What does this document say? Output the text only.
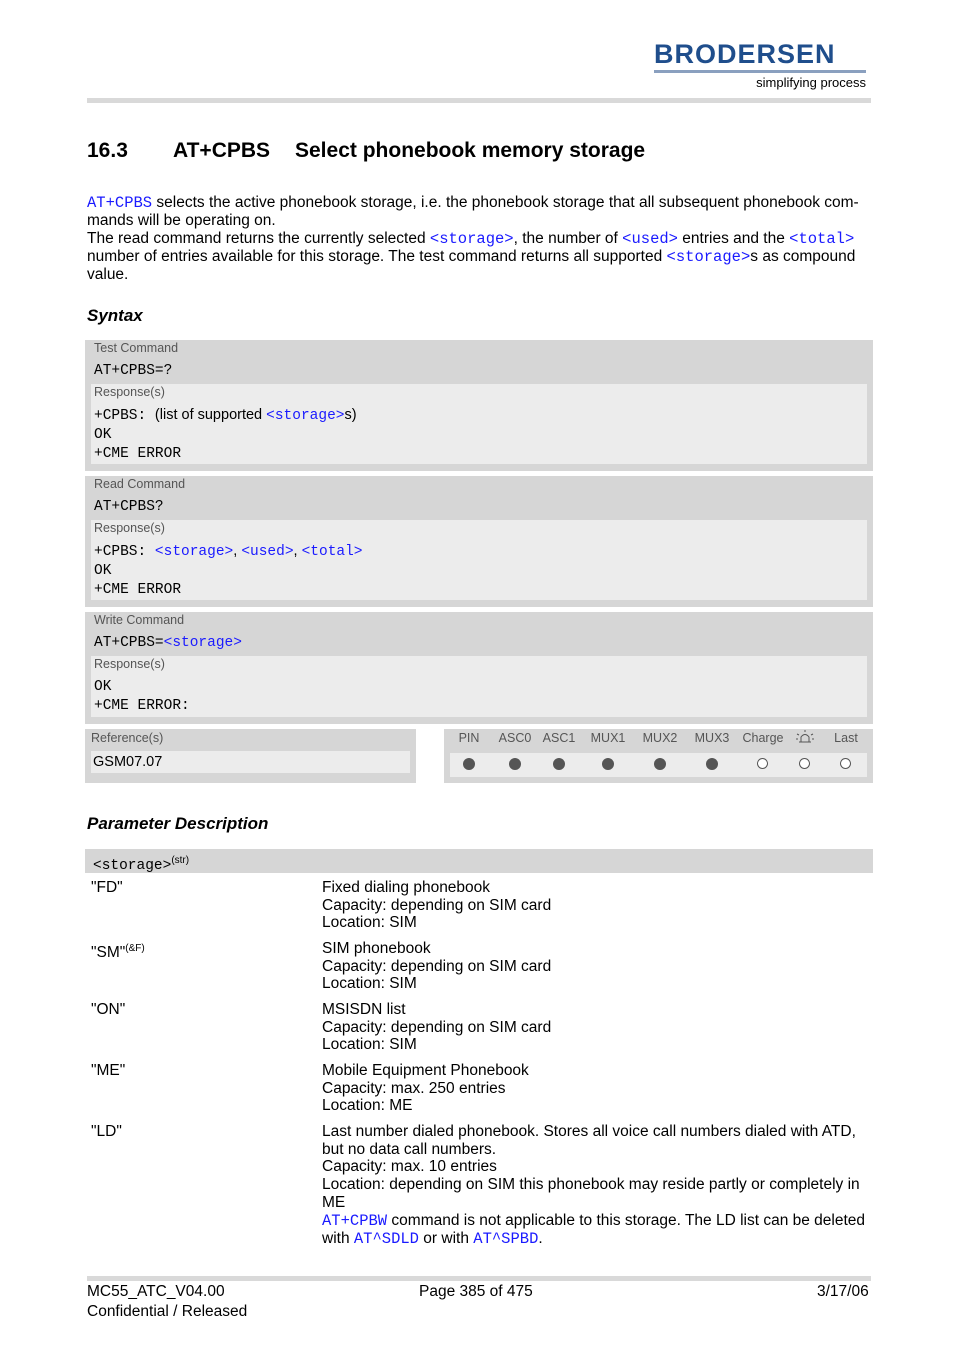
BRODERSEN
simplifying process
16.3 AT+CPBS Select phonebook memory storage

AT+CPBS selects the active phonebook storage, i.e. the phonebook storage that all subsequent phonebook com-mands will be operating on.

The read command returns the currently selected <storage>, the number of <used> entries and the <total> number of entries available for this storage. The test command returns all supported <storage>s as compound value.

Syntax
Test Command
AT+CPBS=?
Response(s)
+CPBS: (list of supported <storage>s)
OK
+CME ERROR
Read Command
AT+CPBS?
Response(s)
+CPBS: <storage>, <used>, <total>
OK
+CME ERROR
Write Command
AT+CPBS=<storage>
Response(s)
OK
+CME ERROR:
Reference(s)
GSM07.07
PIN	ASC0 ASC1	MUX1	MUX2	MUX3	Charge	Last
Parameter Description
<storage>$^{(str)}$
"FD"	Fixed dialing phonebook
Capacity: depending on SIM card
Location: SIM
"SM"$^{(\&F)}$	SIM phonebook
Capacity: depending on SIM card
Location: SIM
"ON"	MSISDN list
Capacity: depending on SIM card
Location: SIM
"ME"	Mobile Equipment Phonebook
Capacity: max. 250 entries
Location: ME
"LD"	Last number dialed phonebook. Stores all voice call numbers dialed with ATD, but no data call numbers.
Capacity: max. 10 entries
Location: depending on SIM this phonebook may reside partly or completely in ME
AT+CPBW command is not applicable to this storage. The LD list can be deleted with AT^SDLD or with AT^SPBD.
MC55_ATC_V04.00
Confidential / Released
Page 385 of 475	3/17/06
